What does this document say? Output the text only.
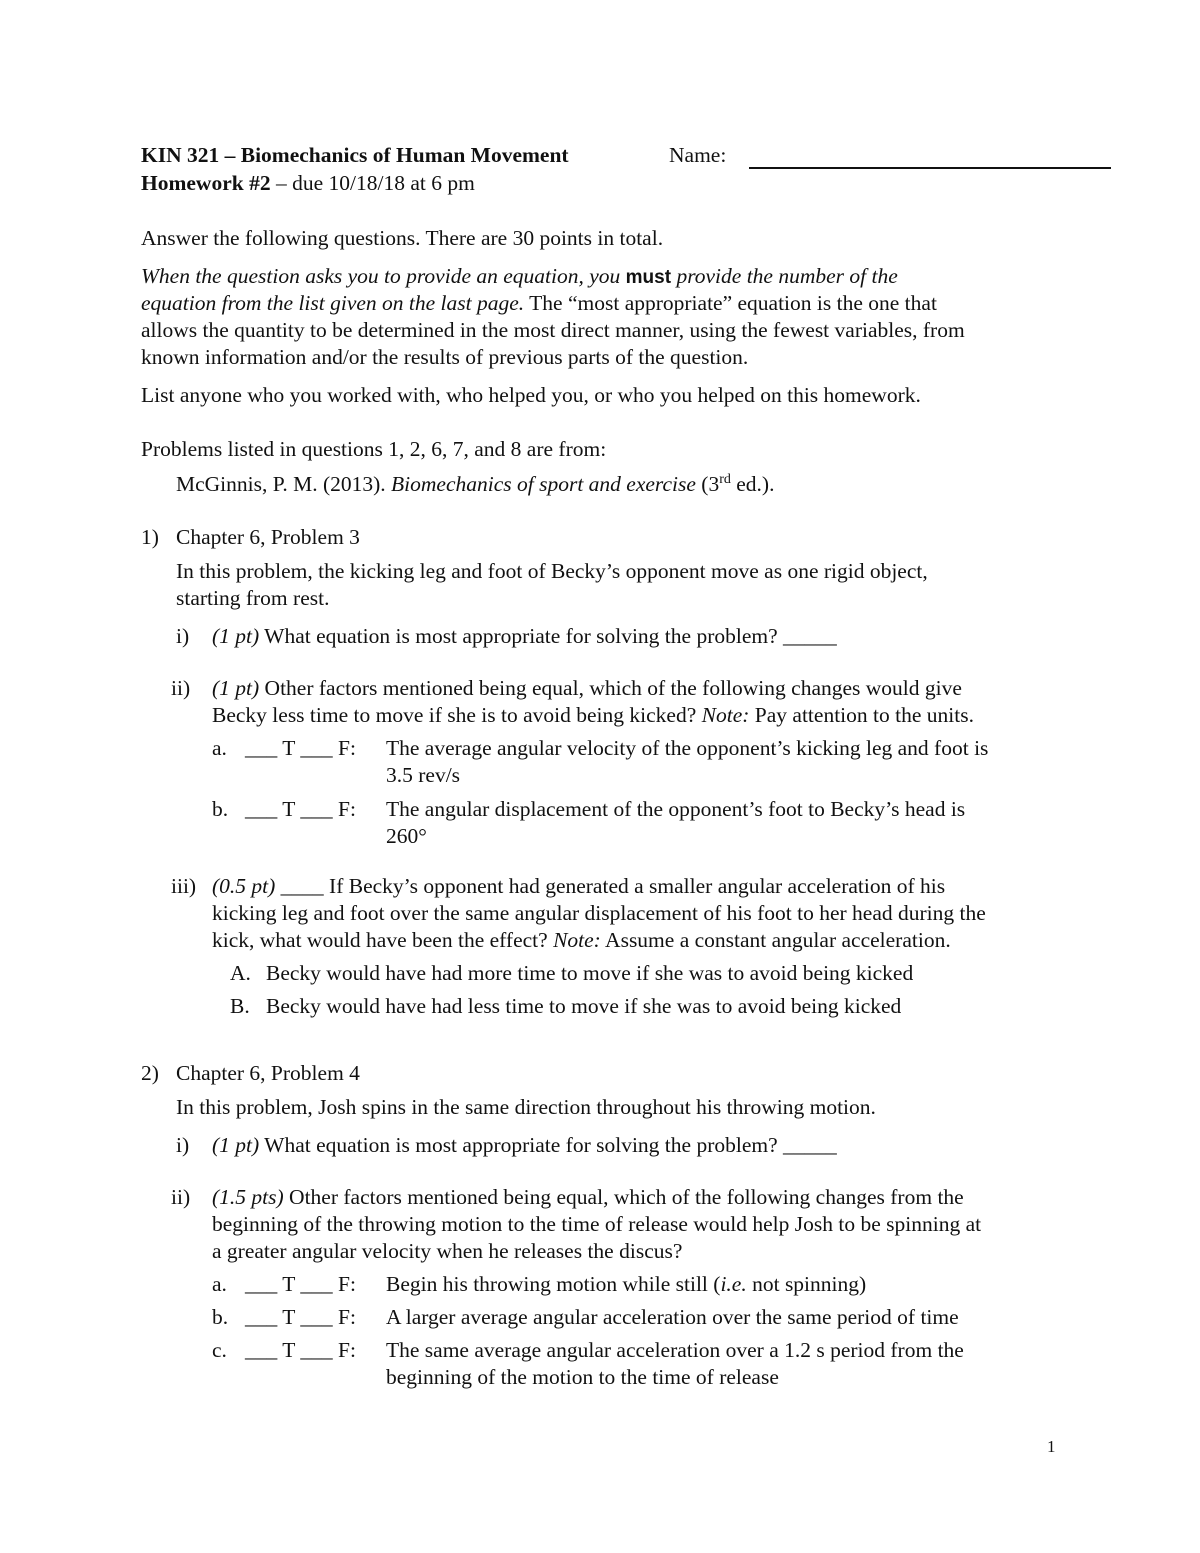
KIN 321 – Biomechanics of Human Movement	Name:
Homework #2 – due 10/18/18 at 6 pm
Answer the following questions. There are 30 points in total.
When the question asks you to provide an equation, you must provide the number of the
equation from the list given on the last page. The “most appropriate” equation is the one that
allows the quantity to be determined in the most direct manner, using the fewest variables, from
known information and/or the results of previous parts of the question.
List anyone who you worked with, who helped you, or who you helped on this homework.
Problems listed in questions 1, 2, 6, 7, and 8 are from:
McGinnis, P. M. (2013). Biomechanics of sport and exercise (3rd ed.).
1) Chapter 6, Problem 3
In this problem, the kicking leg and foot of Becky’s opponent move as one rigid object,
starting from rest.
i) (1 pt) What equation is most appropriate for solving the problem? _____
ii) (1 pt) Other factors mentioned being equal, which of the following changes would give
Becky less time to move if she is to avoid being kicked? Note: Pay attention to the units.
a. ___ T ___ F: The average angular velocity of the opponent’s kicking leg and foot is
3.5 rev/s
b. ___ T ___ F: The angular displacement of the opponent’s foot to Becky’s head is
260°
iii) (0.5 pt) ____ If Becky’s opponent had generated a smaller angular acceleration of his
kicking leg and foot over the same angular displacement of his foot to her head during the
kick, what would have been the effect? Note: Assume a constant angular acceleration.
A. Becky would have had more time to move if she was to avoid being kicked
B. Becky would have had less time to move if she was to avoid being kicked
2) Chapter 6, Problem 4
In this problem, Josh spins in the same direction throughout his throwing motion.
i) (1 pt) What equation is most appropriate for solving the problem? _____
ii) (1.5 pts) Other factors mentioned being equal, which of the following changes from the
beginning of the throwing motion to the time of release would help Josh to be spinning at
a greater angular velocity when he releases the discus?
a. ___ T ___ F: Begin his throwing motion while still (i.e. not spinning)
b. ___ T ___ F: A larger average angular acceleration over the same period of time
c. ___ T ___ F: The same average angular acceleration over a 1.2 s period from the
beginning of the motion to the time of release
1
